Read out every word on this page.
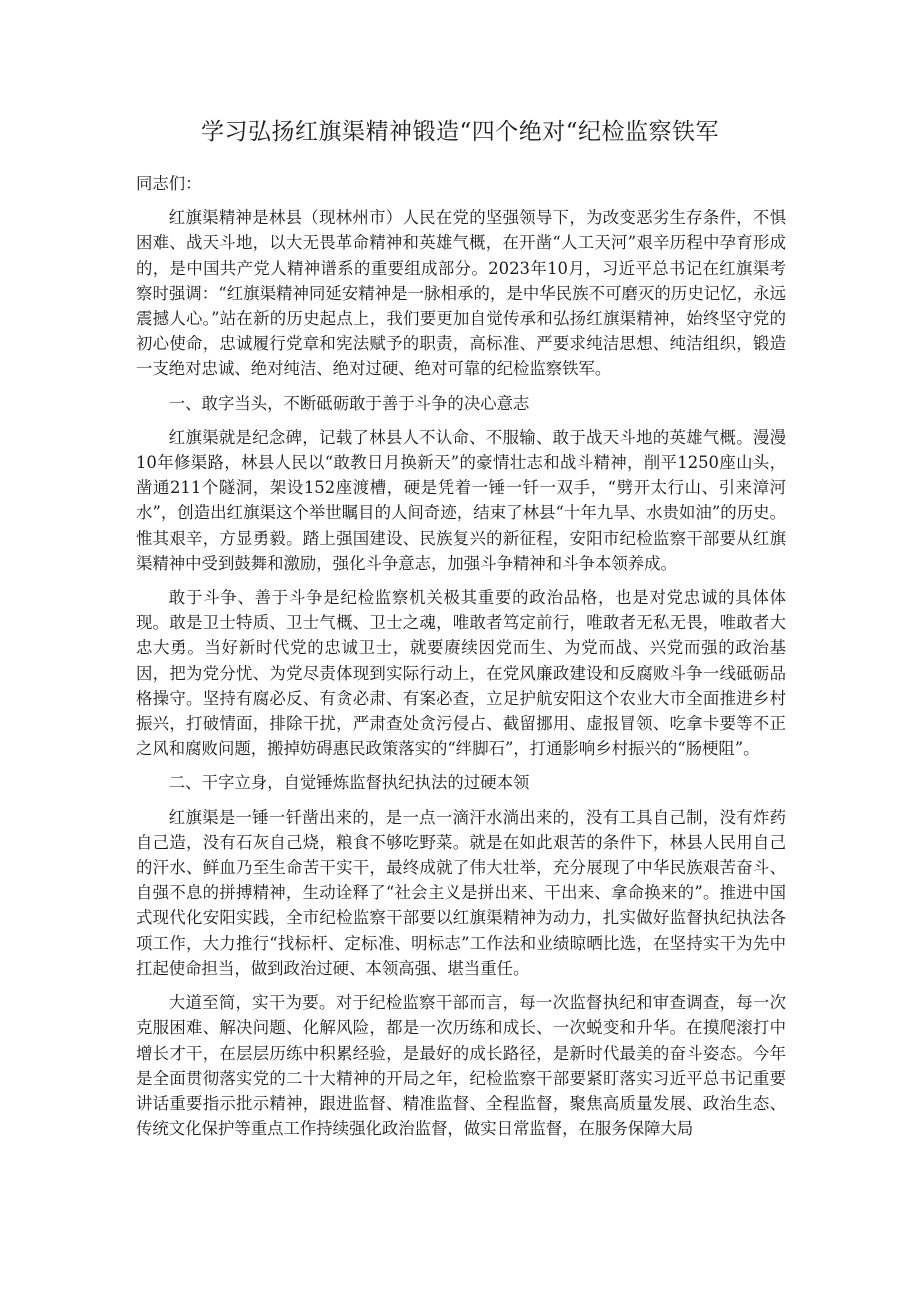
学习弘扬红旗渠精神锻造“四个绝对“纪检监察铁军

同志们：

红旗渠精神是林县（现林州市）人民在党的坚强领导下，为改变恶劣生存条件，不惧困难、战天斗地，以大无畏革命精神和英雄气概，在开凿“人工天河”艰辛历程中孕育形成的，是中国共产党人精神谱系的重要组成部分。2023年10月，习近平总书记在红旗渠考察时强调：“红旗渠精神同延安精神是一脉相承的，是中华民族不可磨灭的历史记忆，永远震撼人心。”站在新的历史起点上，我们要更加自觉传承和弘扬红旗渠精神，始终坚守党的初心使命，忠诚履行党章和宪法赋予的职责，高标准、严要求纯洁思想、纯洁组织，锻造一支绝对忠诚、绝对纯洁、绝对过硬、绝对可靠的纪检监察铁军。

一、敢字当头，不断砥砺敢于善于斗争的决心意志

红旗渠就是纪念碑，记载了林县人不认命、不服输、敢于战天斗地的英雄气概。漫漫10年修渠路，林县人民以“敢教日月换新天”的豪情壮志和战斗精神，削平1250座山头，凿通211个隧洞，架设152座渡槽，硬是凭着一锤一钎一双手，“劈开太行山、引来漳河水”，创造出红旗渠这个举世瞩目的人间奇迹，结束了林县“十年九旱、水贵如油”的历史。惟其艰辛，方显勇毅。踏上强国建设、民族复兴的新征程，安阳市纪检监察干部要从红旗渠精神中受到鼓舞和激励，强化斗争意志，加强斗争精神和斗争本领养成。

敢于斗争、善于斗争是纪检监察机关极其重要的政治品格，也是对党忠诚的具体体现。敢是卫士特质、卫士气概、卫士之魂，唯敢者笃定前行，唯敢者无私无畏，唯敢者大忠大勇。当好新时代党的忠诚卫士，就要赓续因党而生、为党而战、兴党而强的政治基因，把为党分忧、为党尽责体现到实际行动上，在党风廉政建设和反腐败斗争一线砥砺品格操守。坚持有腐必反、有贪必肃、有案必查，立足护航安阳这个农业大市全面推进乡村振兴，打破情面，排除干扰，严肃查处贪污侵占、截留挪用、虚报冒领、吃拿卡要等不正之风和腐败问题，搬掉妨碍惠民政策落实的“绊脚石”，打通影响乡村振兴的“肠梗阻”。

二、干字立身，自觉锤炼监督执纪执法的过硬本领

红旗渠是一锤一钎凿出来的，是一点一滴汗水淌出来的，没有工具自己制，没有炸药自己造，没有石灰自己烧，粮食不够吃野菜。就是在如此艰苦的条件下，林县人民用自己的汗水、鲜血乃至生命苦干实干，最终成就了伟大壮举，充分展现了中华民族艰苦奋斗、自强不息的拼搏精神，生动诠释了“社会主义是拼出来、干出来、拿命换来的”。推进中国式现代化安阳实践，全市纪检监察干部要以红旗渠精神为动力，扎实做好监督执纪执法各项工作，大力推行“找标杆、定标准、明标志”工作法和业绩晾晒比选，在坚持实干为先中扛起使命担当，做到政治过硬、本领高强、堪当重任。

大道至简，实干为要。对于纪检监察干部而言，每一次监督执纪和审查调查，每一次克服困难、解决问题、化解风险，都是一次历练和成长、一次蜕变和升华。在摸爬滚打中增长才干，在层层历练中积累经验，是最好的成长路径，是新时代最美的奋斗姿态。今年是全面贯彻落实党的二十大精神的开局之年，纪检监察干部要紧盯落实习近平总书记重要讲话重要指示批示精神，跟进监督、精准监督、全程监督，聚焦高质量发展、政治生态、传统文化保护等重点工作持续强化政治监督，做实日常监督，在服务保障大局
